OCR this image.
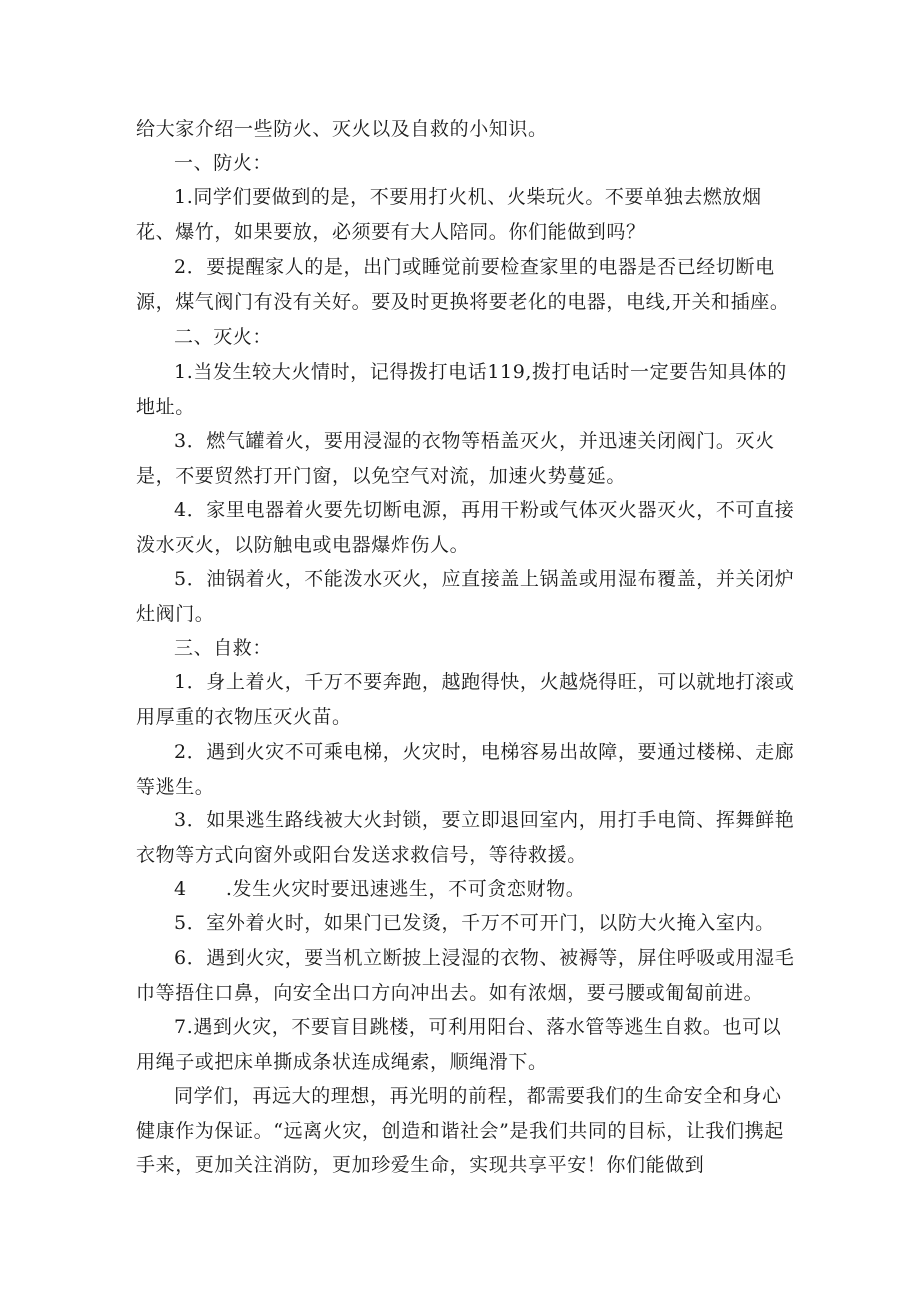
给大家介绍一些防火、灭火以及自救的小知识。

一、防火：

1.同学们要做到的是，不要用打火机、火柴玩火。不要单独去燃放烟花、爆竹，如果要放，必须要有大人陪同。你们能做到吗？

2．要提醒家人的是，出门或睡觉前要检查家里的电器是否已经切断电源，煤气阀门有没有关好。要及时更换将要老化的电器，电线,开关和插座。

二、灭火：

1.当发生较大火情时，记得拨打电话119,拨打电话时一定要告知具体的地址。

3．燃气罐着火，要用浸湿的衣物等梧盖灭火，并迅速关闭阀门。灭火是，不要贸然打开门窗，以免空气对流，加速火势蔓延。

4．家里电器着火要先切断电源，再用干粉或气体灭火器灭火，不可直接泼水灭火，以防触电或电器爆炸伤人。

5．油锅着火，不能泼水灭火，应直接盖上锅盖或用湿布覆盖，并关闭炉灶阀门。

三、自救：

1．身上着火，千万不要奔跑，越跑得快，火越烧得旺，可以就地打滚或用厚重的衣物压灭火苗。

2．遇到火灾不可乘电梯，火灾时，电梯容易出故障，要通过楼梯、走廊等逃生。

3．如果逃生路线被大火封锁，要立即退回室内，用打手电筒、挥舞鲜艳衣物等方式向窗外或阳台发送求救信号，等待救援。

4　　.发生火灾时要迅速逃生，不可贪恋财物。

5．室外着火时，如果门已发烫，千万不可开门，以防大火掩入室内。

6．遇到火灾，要当机立断披上浸湿的衣物、被褥等，屏住呼吸或用湿毛巾等捂住口鼻，向安全出口方向冲出去。如有浓烟，要弓腰或匍匐前进。

7.遇到火灾，不要盲目跳楼，可利用阳台、落水管等逃生自救。也可以用绳子或把床单撕成条状连成绳索，顺绳滑下。

同学们，再远大的理想，再光明的前程，都需要我们的生命安全和身心健康作为保证。“远离火灾，创造和谐社会”是我们共同的目标，让我们携起手来，更加关注消防，更加珍爱生命，实现共享平安！你们能做到
